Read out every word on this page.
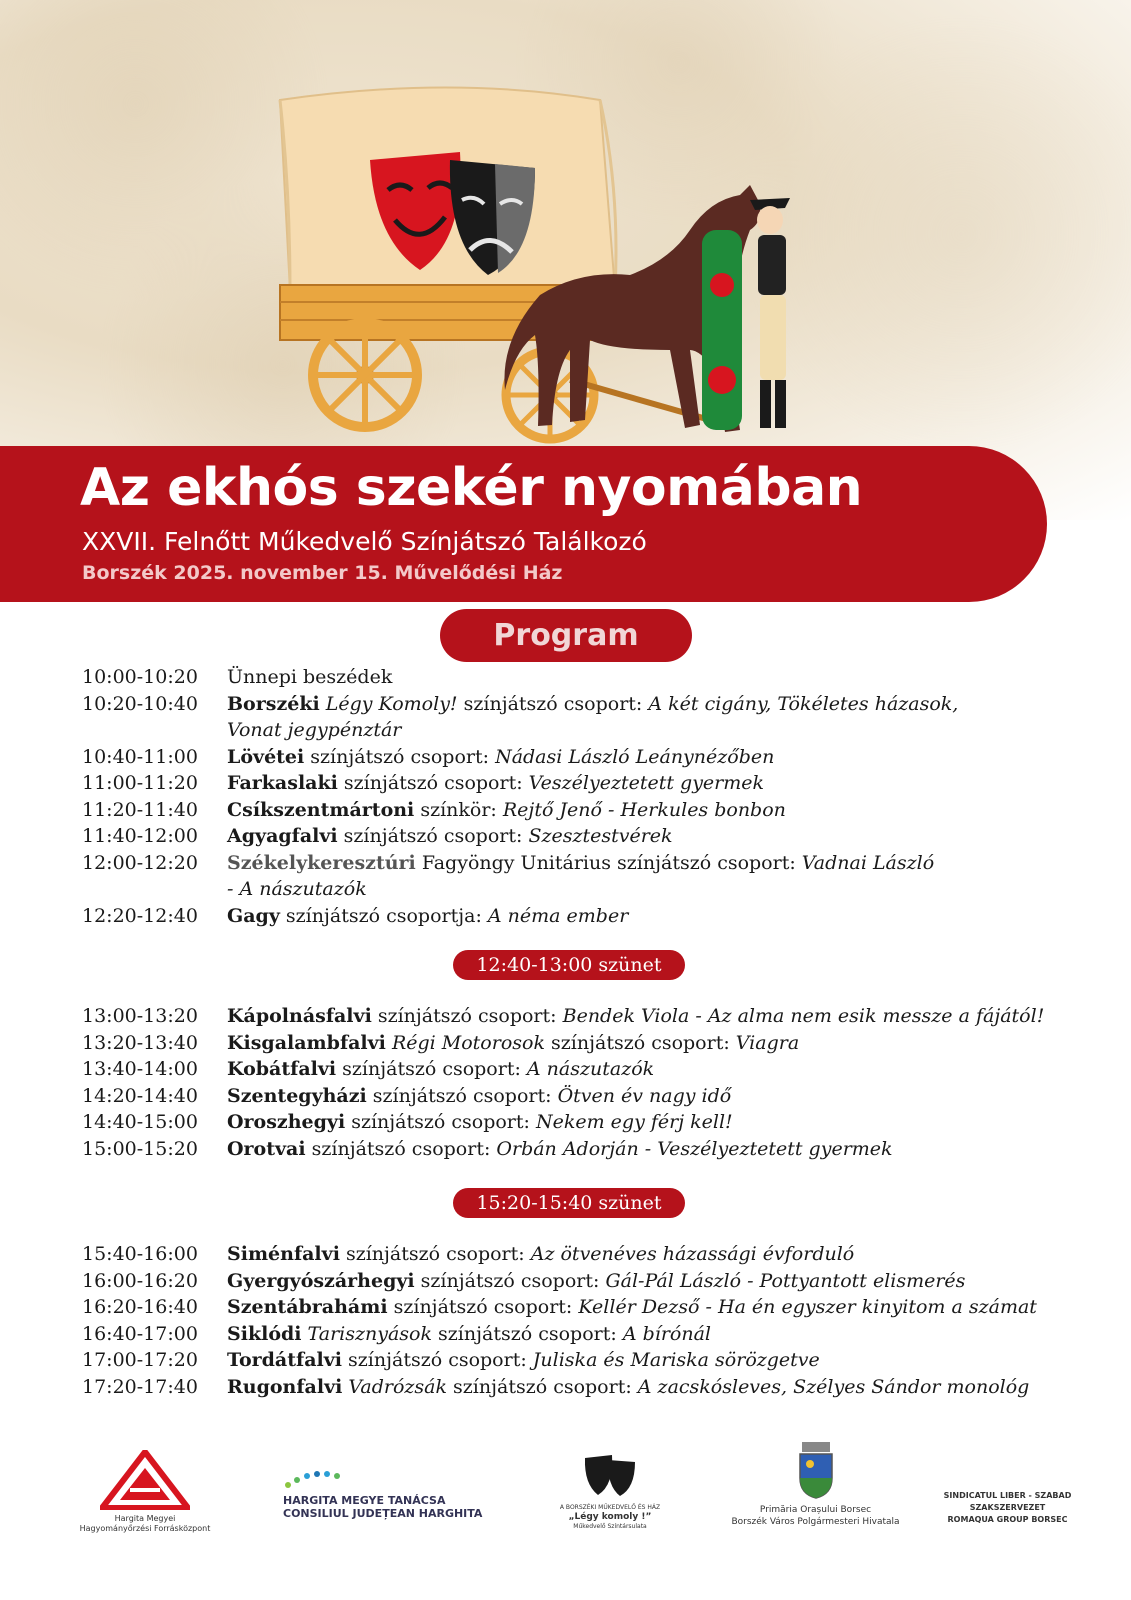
Az ekhós szekér nyomában
XXVII. Felnőtt Műkedvelő Színjátszó Találkozó
Borszék 2025. november 15. Művelődési Ház
Program
10:00-10:20	Ünnepi beszédek
10:20-10:40	Borszéki Légy Komoly! színjátszó csoport: A két cigány, Tökéletes házasok,
Vonat jegypénztár
10:40-11:00	Lövétei színjátszó csoport: Nádasi László Leánynézőben
11:00-11:20	Farkaslaki színjátszó csoport: Veszélyeztetett gyermek
11:20-11:40	Csíkszentmártoni színkör: Rejtő Jenő - Herkules bonbon
11:40-12:00	Agyagfalvi színjátszó csoport: Szesztestvérek
12:00-12:20	Székelykeresztúri Fagyöngy Unitárius színjátszó csoport: Vadnai László
- A nászutazók
12:20-12:40	Gagy színjátszó csoportja: A néma ember
12:40-13:00 szünet
13:00-13:20	Kápolnásfalvi színjátszó csoport: Bendek Viola - Az alma nem esik messze a fájától!
13:20-13:40	Kisgalambfalvi Régi Motorosok színjátszó csoport: Viagra
13:40-14:00	Kobátfalvi színjátszó csoport: A nászutazók
14:20-14:40	Szentegyházi színjátszó csoport: Ötven év nagy idő
14:40-15:00	Oroszhegyi színjátszó csoport: Nekem egy férj kell!
15:00-15:20	Orotvai színjátszó csoport: Orbán Adorján - Veszélyeztetett gyermek
15:20-15:40 szünet
15:40-16:00	Siménfalvi színjátszó csoport: Az ötvenéves házassági évforduló
16:00-16:20	Gyergyószárhegyi színjátszó csoport: Gál-Pál László - Pottyantott elismerés
16:20-16:40	Szentábrahámi színjátszó csoport: Kellér Dezső - Ha én egyszer kinyitom a számat
16:40-17:00	Siklódi Tarisznyások színjátszó csoport: A bírónál
17:00-17:20	Tordátfalvi színjátszó csoport: Juliska és Mariska sörözgetve
17:20-17:40	Rugonfalvi Vadrózsák színjátszó csoport: A zacskósleves, Szélyes Sándor monológ
Hargita Megyei
Hagyományőrzési Forrásközpont
HARGITA MEGYE TANÁCSA
CONSILIUL JUDEȚEAN HARGHITA	A BORSZÉKI MŰKEDVELŐ ÉS HÁZ
„Légy komoly !”
Műkedvelő Színtársulata
Primăria Orașului Borsec
Borszék Város Polgármesteri Hivatala
SINDICATUL LIBER - SZABAD SZAKSZERVEZET
ROMAQUA GROUP BORSEC
